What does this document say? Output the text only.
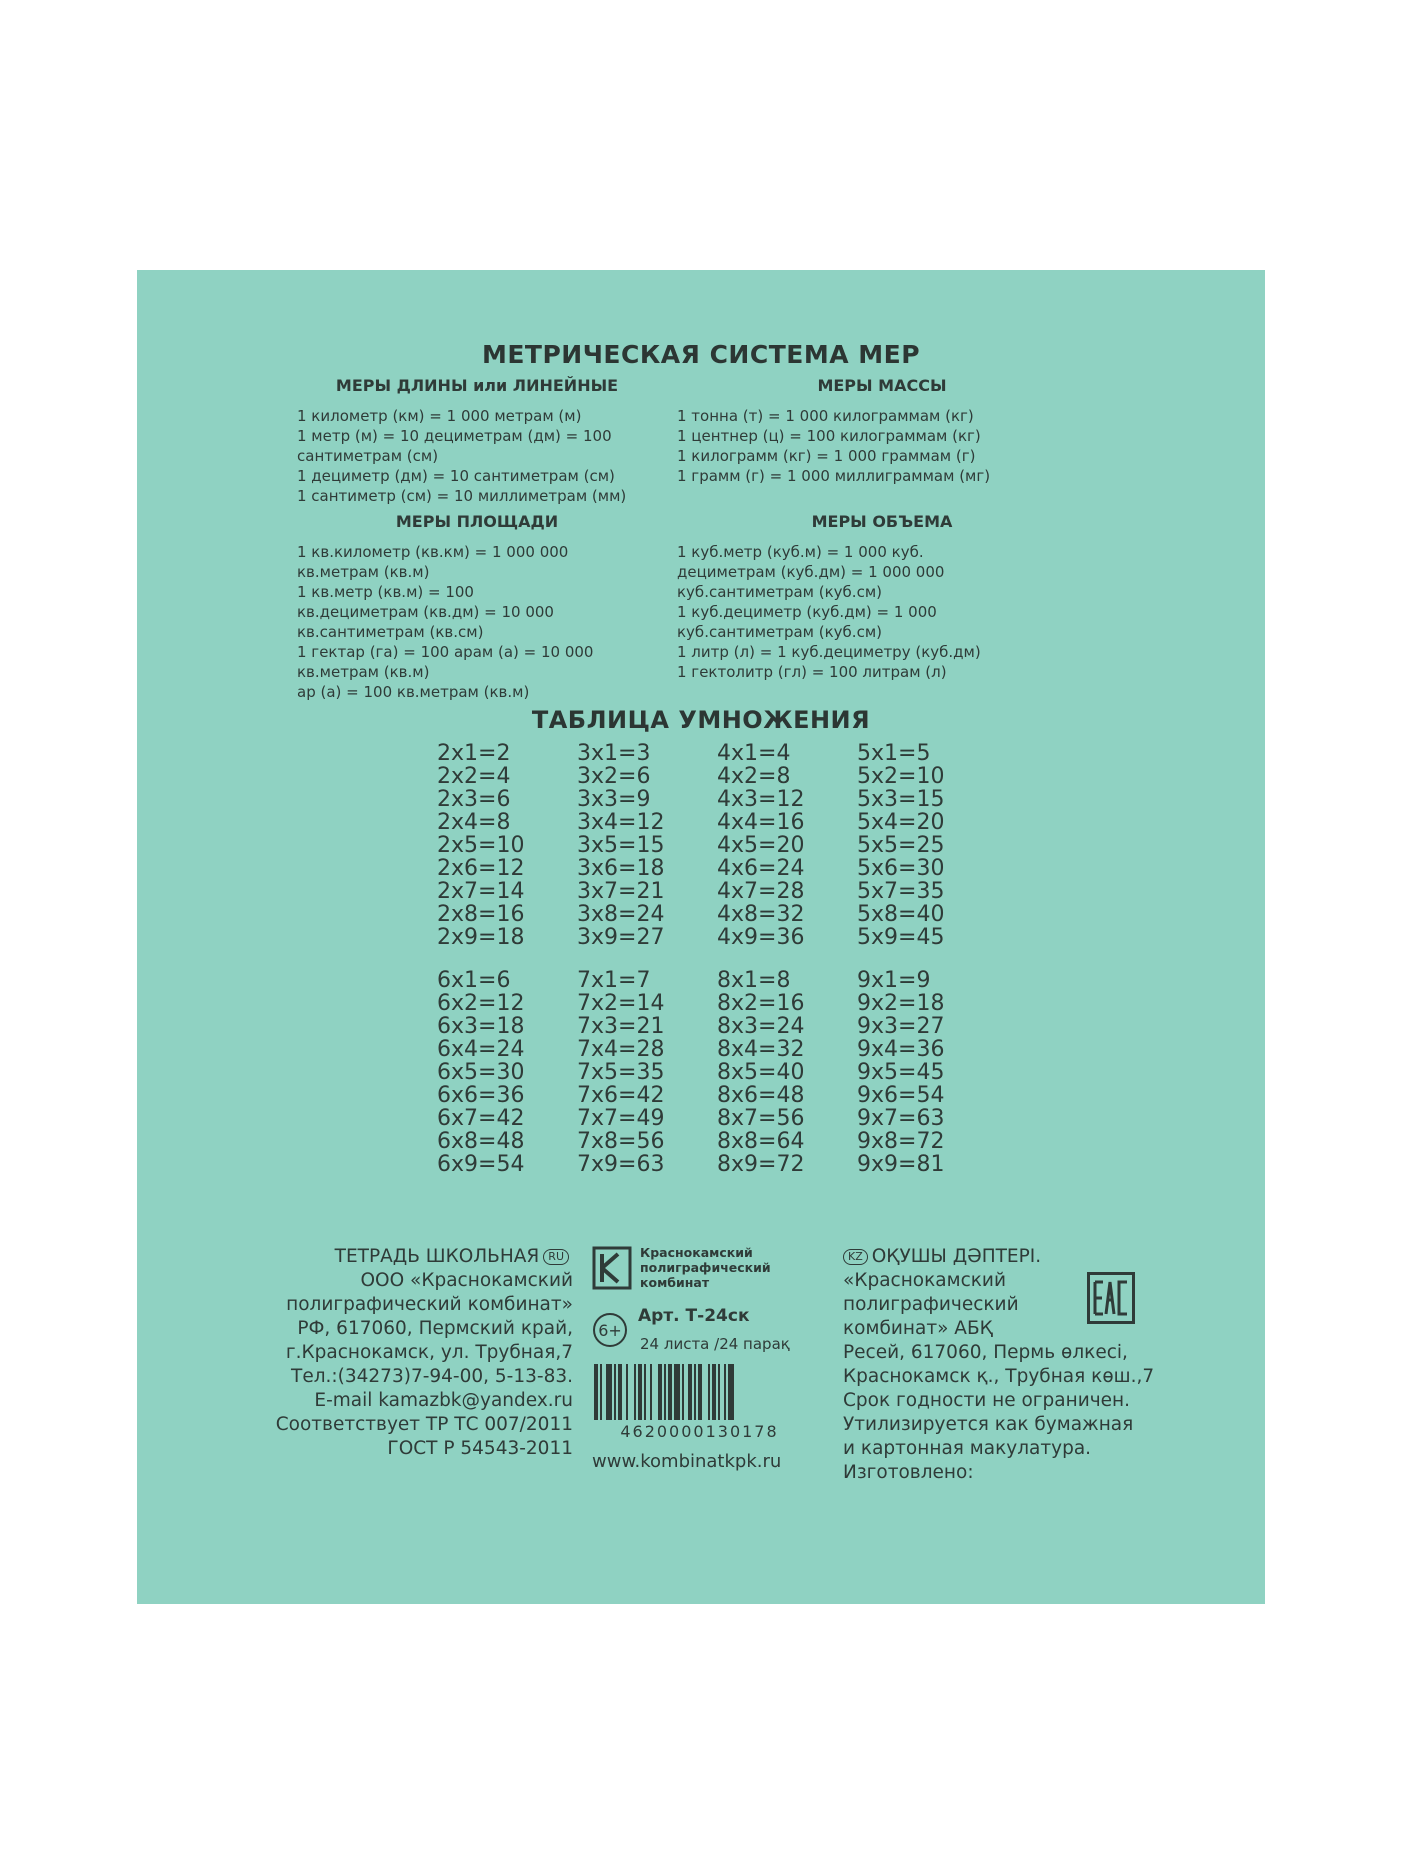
МЕТРИЧЕСКАЯ СИСТЕМА МЕР
МЕРЫ ДЛИНЫ или ЛИНЕЙНЫЕ
1 километр (км) = 1 000 метрам (м)
1 метр (м) = 10 дециметрам (дм) = 100
сантиметрам (см)
1 дециметр (дм) = 10 сантиметрам (см)
1 сантиметр (см) = 10 миллиметрам (мм)
МЕРЫ МАССЫ
1 тонна (т) = 1 000 килограммам (кг)
1 центнер (ц) = 100 килограммам (кг)
1 килограмм (кг) = 1 000 граммам (г)
1 грамм (г) = 1 000 миллиграммам (мг)
МЕРЫ ПЛОЩАДИ
1 кв.километр (кв.км) = 1 000 000
кв.метрам (кв.м)
1 кв.метр (кв.м) = 100
кв.дециметрам (кв.дм) = 10 000
кв.сантиметрам (кв.см)
1 гектар (га) = 100 арам (а) = 10 000
кв.метрам (кв.м)
ар (а) = 100 кв.метрам (кв.м)
МЕРЫ ОБЪЕМА
1 куб.метр (куб.м) = 1 000 куб.
дециметрам (куб.дм) = 1 000 000
куб.сантиметрам (куб.см)
1 куб.дециметр (куб.дм) = 1 000
куб.сантиметрам (куб.см)
1 литр (л) = 1 куб.дециметру (куб.дм)
1 гектолитр (гл) = 100 литрам (л)
ТАБЛИЦА УМНОЖЕНИЯ
2x1=2
2x2=4
2x3=6
2x4=8
2x5=10
2x6=12
2x7=14
2x8=16
2x9=18
3x1=3
3x2=6
3x3=9
3x4=12
3x5=15
3x6=18
3x7=21
3x8=24
3x9=27
4x1=4
4x2=8
4x3=12
4x4=16
4x5=20
4x6=24
4x7=28
4x8=32
4x9=36
5x1=5
5x2=10
5x3=15
5x4=20
5x5=25
5x6=30
5x7=35
5x8=40
5x9=45
6x1=6
6x2=12
6x3=18
6x4=24
6x5=30
6x6=36
6x7=42
6x8=48
6x9=54
7x1=7
7x2=14
7x3=21
7x4=28
7x5=35
7x6=42
7x7=49
7x8=56
7x9=63
8x1=8
8x2=16
8x3=24
8x4=32
8x5=40
8x6=48
8x7=56
8x8=64
8x9=72
9x1=9
9x2=18
9x3=27
9x4=36
9x5=45
9x6=54
9x7=63
9x8=72
9x9=81
ТЕТРАДЬ ШКОЛЬНАЯ RU
ООО «Краснокамский
полиграфический комбинат»
РФ, 617060, Пермский край,
г.Краснокамск, ул. Трубная,7
Тел.:(34273)7-94-00, 5-13-83.
E-mail kamazbk@yandex.ru
Соответствует ТР ТС 007/2011
ГОСТ Р 54543-2011
Краснокамский
полиграфический
комбинат
6+
Арт. Т-24ск
24 листа /24 парақ
4620000130178
www.kombinatkpk.ru
KZ ОҚУШЫ ДӘПТЕРІ.
«Краснокамский
полиграфический
комбинат» АБҚ
Ресей, 617060, Пермь өлкесі,
Краснокамск қ., Трубная көш.,7
Срок годности не ограничен.
Утилизируется как бумажная
и картонная макулатура.
Изготовлено:
